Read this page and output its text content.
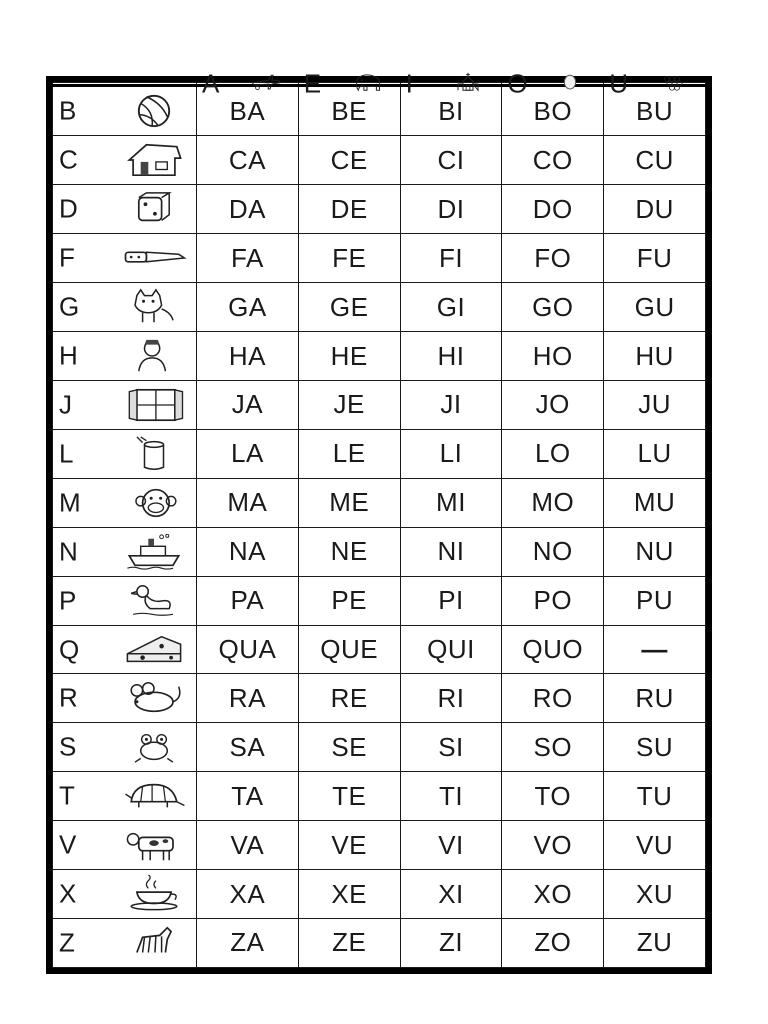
	A	E	I	O	U

B	BA	BE	BI	BO	BU

C	CA	CE	CI	CO	CU

D	DA	DE	DI	DO	DU

F	FA	FE	FI	FO	FU

G	GA	GE	GI	GO	GU

H	HA	HE	HI	HO	HU

J	JA	JE	JI	JO	JU

L	LA	LE	LI	LO	LU

M	MA	ME	MI	MO	MU

N	NA	NE	NI	NO	NU

P	PA	PE	PI	PO	PU

Q	QUA	QUE	QUI	QUO	—

R	RA	RE	RI	RO	RU

S	SA	SE	SI	SO	SU

T	TA	TE	TI	TO	TU

V	VA	VE	VI	VO	VU

X	XA	XE	XI	XO	XU

Z	ZA	ZE	ZI	ZO	ZU
